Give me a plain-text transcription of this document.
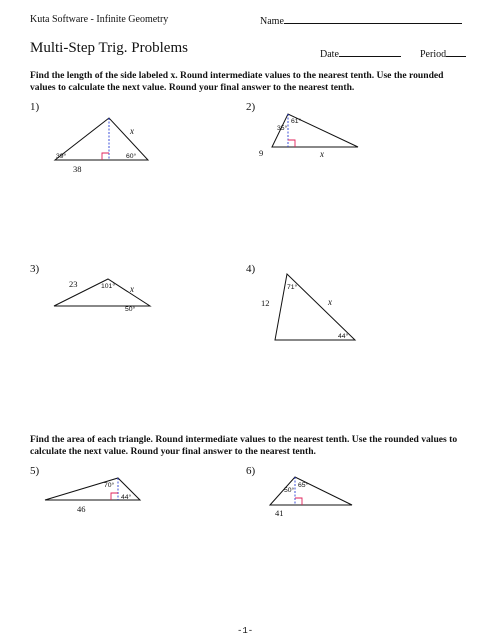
Kuta Software - Infinite Geometry	Name
Multi-Step Trig. Problems	Date	Period
Find the length of the side labeled x. Round intermediate values to the nearest tenth. Use the rounded values to calculate the next value. Round your final answer to the nearest tenth.
1)	2)
3)	4)
39°	60°
38
x
61°
35°
9	x
23	101° x
50°
71°
12	x
44°
Find the area of each triangle. Round intermediate values to the nearest tenth. Use the rounded values to calculate the next value. Round your final answer to the nearest tenth.
5)	6)
70°
44°
46
50°
65°
41
-1-
